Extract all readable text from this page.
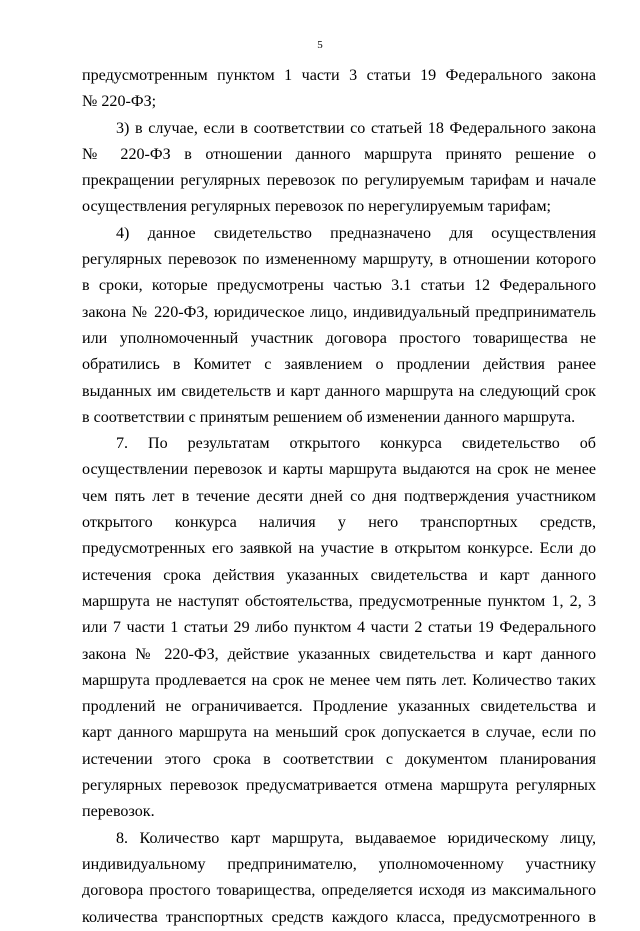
5
предусмотренным пунктом 1 части 3 статьи 19 Федерального закона
№ 220-ФЗ;
3) в случае, если в соответствии со статьей 18 Федерального закона
№ 220-ФЗ в отношении данного маршрута принято решение о
прекращении регулярных перевозок по регулируемым тарифам и начале
осуществления регулярных перевозок по нерегулируемым тарифам;
4) данное свидетельство предназначено для осуществления
регулярных перевозок по измененному маршруту, в отношении которого
в сроки, которые предусмотрены частью 3.1 статьи 12 Федерального
закона № 220-ФЗ, юридическое лицо, индивидуальный предприниматель
или уполномоченный участник договора простого товарищества не
обратились в Комитет с заявлением о продлении действия ранее
выданных им свидетельств и карт данного маршрута на следующий срок
в соответствии с принятым решением об изменении данного маршрута.
7. По результатам открытого конкурса свидетельство об
осуществлении перевозок и карты маршрута выдаются на срок не менее
чем пять лет в течение десяти дней со дня подтверждения участником
открытого конкурса наличия у него транспортных средств,
предусмотренных его заявкой на участие в открытом конкурсе. Если до
истечения срока действия указанных свидетельства и карт данного
маршрута не наступят обстоятельства, предусмотренные пунктом 1, 2, 3
или 7 части 1 статьи 29 либо пунктом 4 части 2 статьи 19 Федерального
закона № 220-ФЗ, действие указанных свидетельства и карт данного
маршрута продлевается на срок не менее чем пять лет. Количество таких
продлений не ограничивается. Продление указанных свидетельства и
карт данного маршрута на меньший срок допускается в случае, если по
истечении этого срока в соответствии с документом планирования
регулярных перевозок предусматривается отмена маршрута регулярных
перевозок.
8. Количество карт маршрута, выдаваемое юридическому лицу,
индивидуальному предпринимателю, уполномоченному участнику
договора простого товарищества, определяется исходя из максимального
количества транспортных средств каждого класса, предусмотренного в
